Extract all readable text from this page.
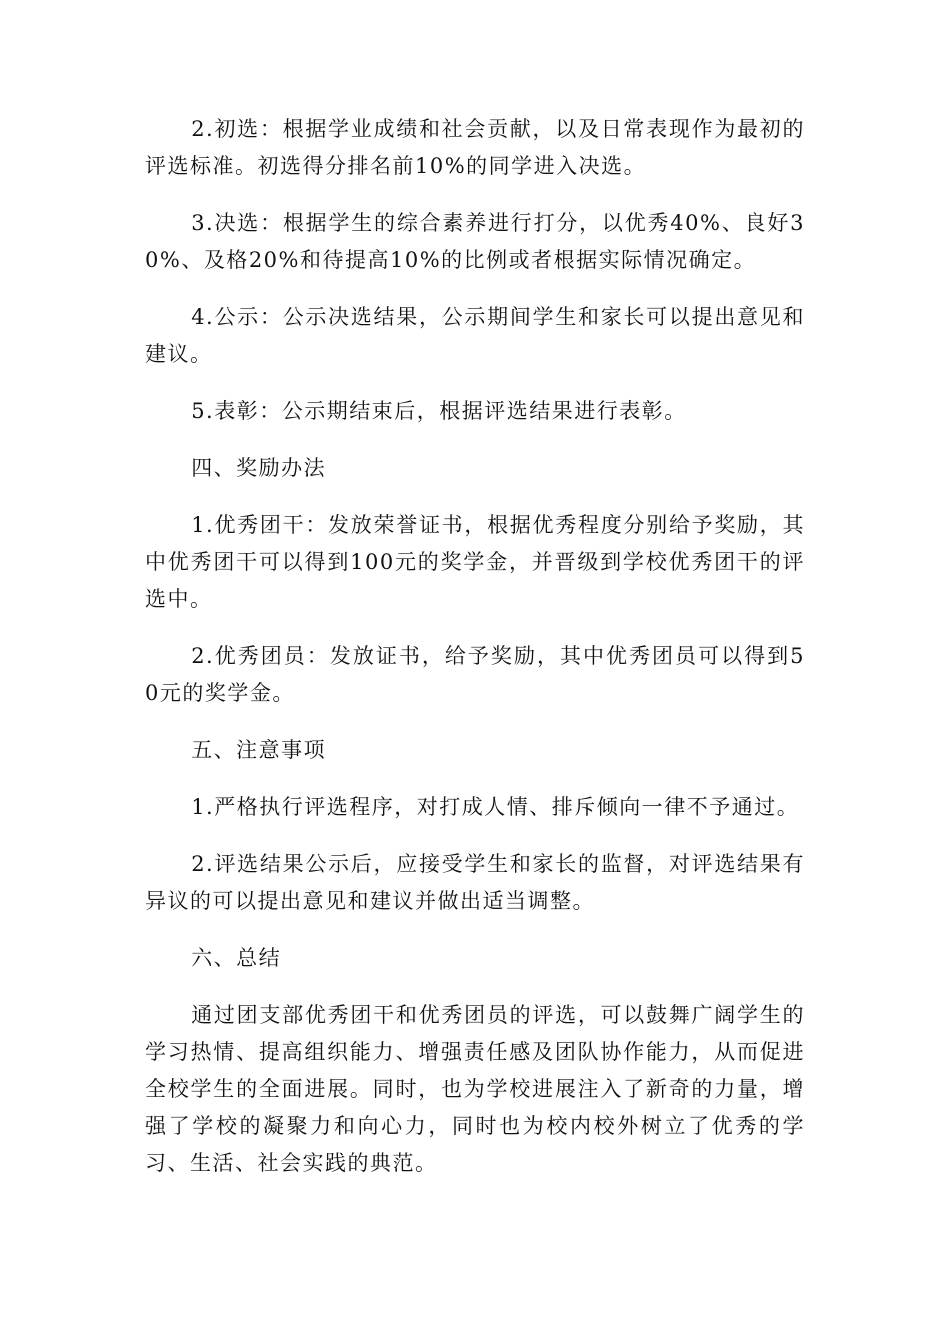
2.初选：根据学业成绩和社会贡献，以及日常表现作为最初的评选标准。初选得分排名前10%的同学进入决选。

3.决选：根据学生的综合素养进行打分，以优秀40%、良好30%、及格20%和待提高10%的比例或者根据实际情况确定。

4.公示：公示决选结果，公示期间学生和家长可以提出意见和建议。

5.表彰：公示期结束后，根据评选结果进行表彰。

四、奖励办法

1.优秀团干：发放荣誉证书，根据优秀程度分别给予奖励，其中优秀团干可以得到100元的奖学金，并晋级到学校优秀团干的评选中。

2.优秀团员：发放证书，给予奖励，其中优秀团员可以得到50元的奖学金。

五、注意事项

1.严格执行评选程序，对打成人情、排斥倾向一律不予通过。

2.评选结果公示后，应接受学生和家长的监督，对评选结果有异议的可以提出意见和建议并做出适当调整。

六、总结

通过团支部优秀团干和优秀团员的评选，可以鼓舞广阔学生的学习热情、提高组织能力、增强责任感及团队协作能力，从而促进全校学生的全面进展。同时，也为学校进展注入了新奇的力量，增强了学校的凝聚力和向心力，同时也为校内校外树立了优秀的学习、生活、社会实践的典范。
